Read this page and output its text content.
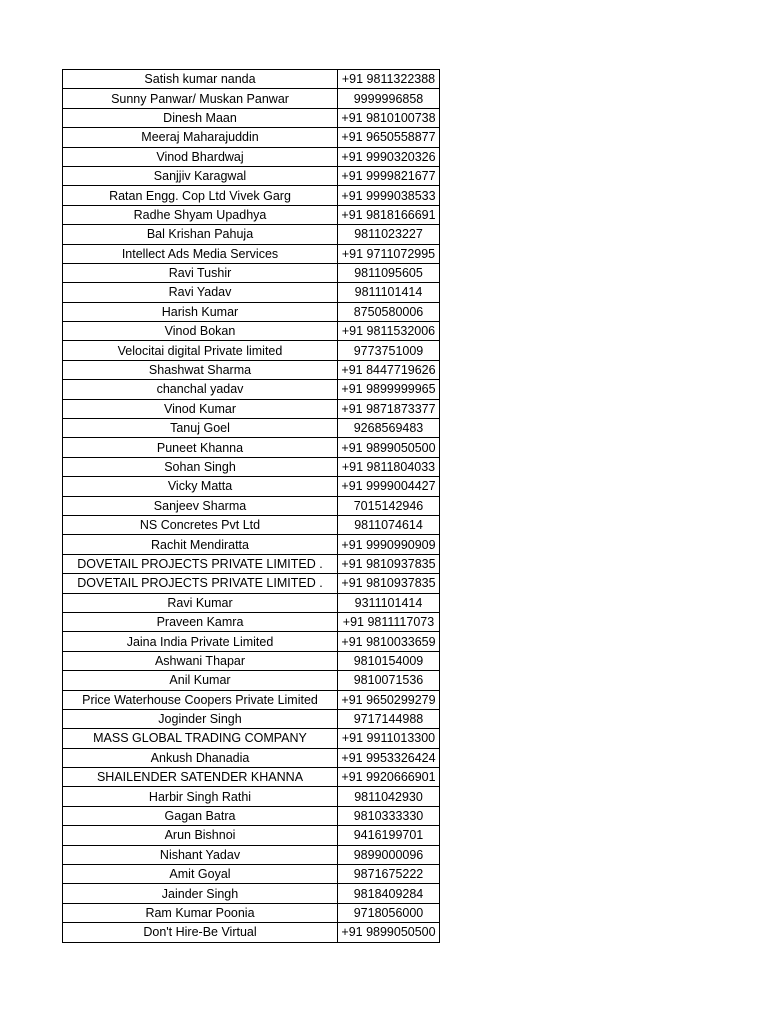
Satish kumar nanda	+91 9811322388
Sunny Panwar/ Muskan Panwar	9999996858
Dinesh Maan	+91 9810100738
Meeraj Maharajuddin	+91 9650558877
Vinod Bhardwaj	+91 9990320326
Sanjjiv Karagwal	+91 9999821677
Ratan Engg. Cop Ltd Vivek Garg	+91 9999038533
Radhe Shyam Upadhya	+91 9818166691
Bal Krishan Pahuja	9811023227
Intellect Ads Media Services	+91 9711072995
Ravi Tushir	9811095605
Ravi Yadav	9811101414
Harish Kumar	8750580006
Vinod Bokan	+91 9811532006
Velocitai digital Private limited	9773751009
Shashwat Sharma	+91 8447719626
chanchal yadav	+91 9899999965
Vinod Kumar	+91 9871873377
Tanuj Goel	9268569483
Puneet Khanna	+91 9899050500
Sohan Singh	+91 9811804033
Vicky Matta	+91 9999004427
Sanjeev Sharma	7015142946
NS Concretes Pvt Ltd	9811074614
Rachit Mendiratta	+91 9990990909
DOVETAIL PROJECTS PRIVATE LIMITED .	+91 9810937835
DOVETAIL PROJECTS PRIVATE LIMITED .	+91 9810937835
Ravi Kumar	9311101414
Praveen Kamra	+91 9811117073
Jaina India Private Limited	+91 9810033659
Ashwani Thapar	9810154009
Anil Kumar	9810071536
Price Waterhouse Coopers Private Limited	+91 9650299279
Joginder Singh	9717144988
MASS GLOBAL TRADING COMPANY	+91 9911013300
Ankush Dhanadia	+91 9953326424
SHAILENDER SATENDER KHANNA	+91 9920666901
Harbir Singh Rathi	9811042930
Gagan Batra	9810333330
Arun Bishnoi	9416199701
Nishant Yadav	9899000096
Amit Goyal	9871675222
Jainder Singh	9818409284
Ram Kumar Poonia	9718056000
Don't Hire-Be Virtual	+91 9899050500
